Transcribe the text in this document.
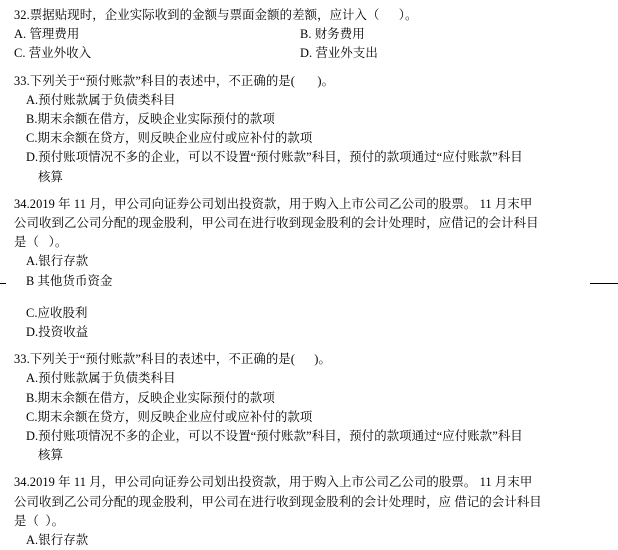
32.票据贴现时，企业实际收到的金额与票面金额的差额，应计入（      ）。
A. 管理费用	B. 财务费用
C. 营业外收入	D. 营业外支出
33.下列关于“预付账款”科目的表述中，不正确的是(       )。
A.预付账款属于负债类科目
B.期末余额在借方，反映企业实际预付的款项
C.期末余额在贷方，则反映企业应付或应补付的款项
D.预付账项情况不多的企业，可以不设置“预付账款”科目，预付的款项通过“应付账款”科目
核算
34.2019 年 11 月，甲公司向证券公司划出投资款，用于购入上市公司乙公司的股票。 11 月末甲
公司收到乙公司分配的现金股利，甲公司在进行收到现金股利的会计处理时，应借记的会计科目
是（   ）。
A.银行存款
B 其他货币资金
C.应收股利
D.投资收益
33.下列关于“预付账款”科目的表述中，不正确的是(      )。
A.预付账款属于负债类科目
B.期末余额在借方，反映企业实际预付的款项
C.期末余额在贷方，则反映企业应付或应补付的款项
D.预付账项情况不多的企业，可以不设置“预付账款”科目，预付的款项通过“应付账款”科目
核算
34.2019 年 11 月，甲公司向证券公司划出投资款，用于购入上市公司乙公司的股票。 11 月末甲
公司收到乙公司分配的现金股利，甲公司在进行收到现金股利的会计处理时，应 借记的会计科目
是（  ）。
A.银行存款
